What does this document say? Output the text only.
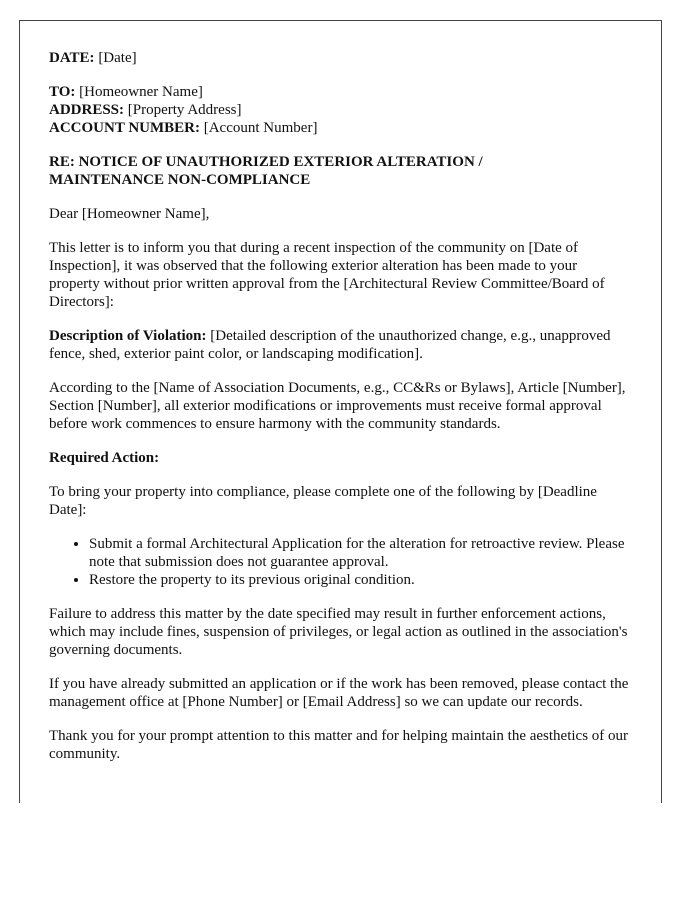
DATE: [Date]

TO: [Homeowner Name]
ADDRESS: [Property Address]
ACCOUNT NUMBER: [Account Number]

RE: NOTICE OF UNAUTHORIZED EXTERIOR ALTERATION / MAINTENANCE NON-COMPLIANCE

Dear [Homeowner Name],

This letter is to inform you that during a recent inspection of the community on [Date of Inspection], it was observed that the following exterior alteration has been made to your property without prior written approval from the [Architectural Review Committee/Board of Directors]:

Description of Violation: [Detailed description of the unauthorized change, e.g., unapproved fence, shed, exterior paint color, or landscaping modification].

According to the [Name of Association Documents, e.g., CC&Rs or Bylaws], Article [Number], Section [Number], all exterior modifications or improvements must receive formal approval before work commences to ensure harmony with the community standards.

Required Action:

To bring your property into compliance, please complete one of the following by [Deadline Date]:

• Submit a formal Architectural Application for the alteration for retroactive review. Please note that submission does not guarantee approval.
• Restore the property to its previous original condition.

Failure to address this matter by the date specified may result in further enforcement actions, which may include fines, suspension of privileges, or legal action as outlined in the association's governing documents.

If you have already submitted an application or if the work has been removed, please contact the management office at [Phone Number] or [Email Address] so we can update our records.

Thank you for your prompt attention to this matter and for helping maintain the aesthetics of our community.
